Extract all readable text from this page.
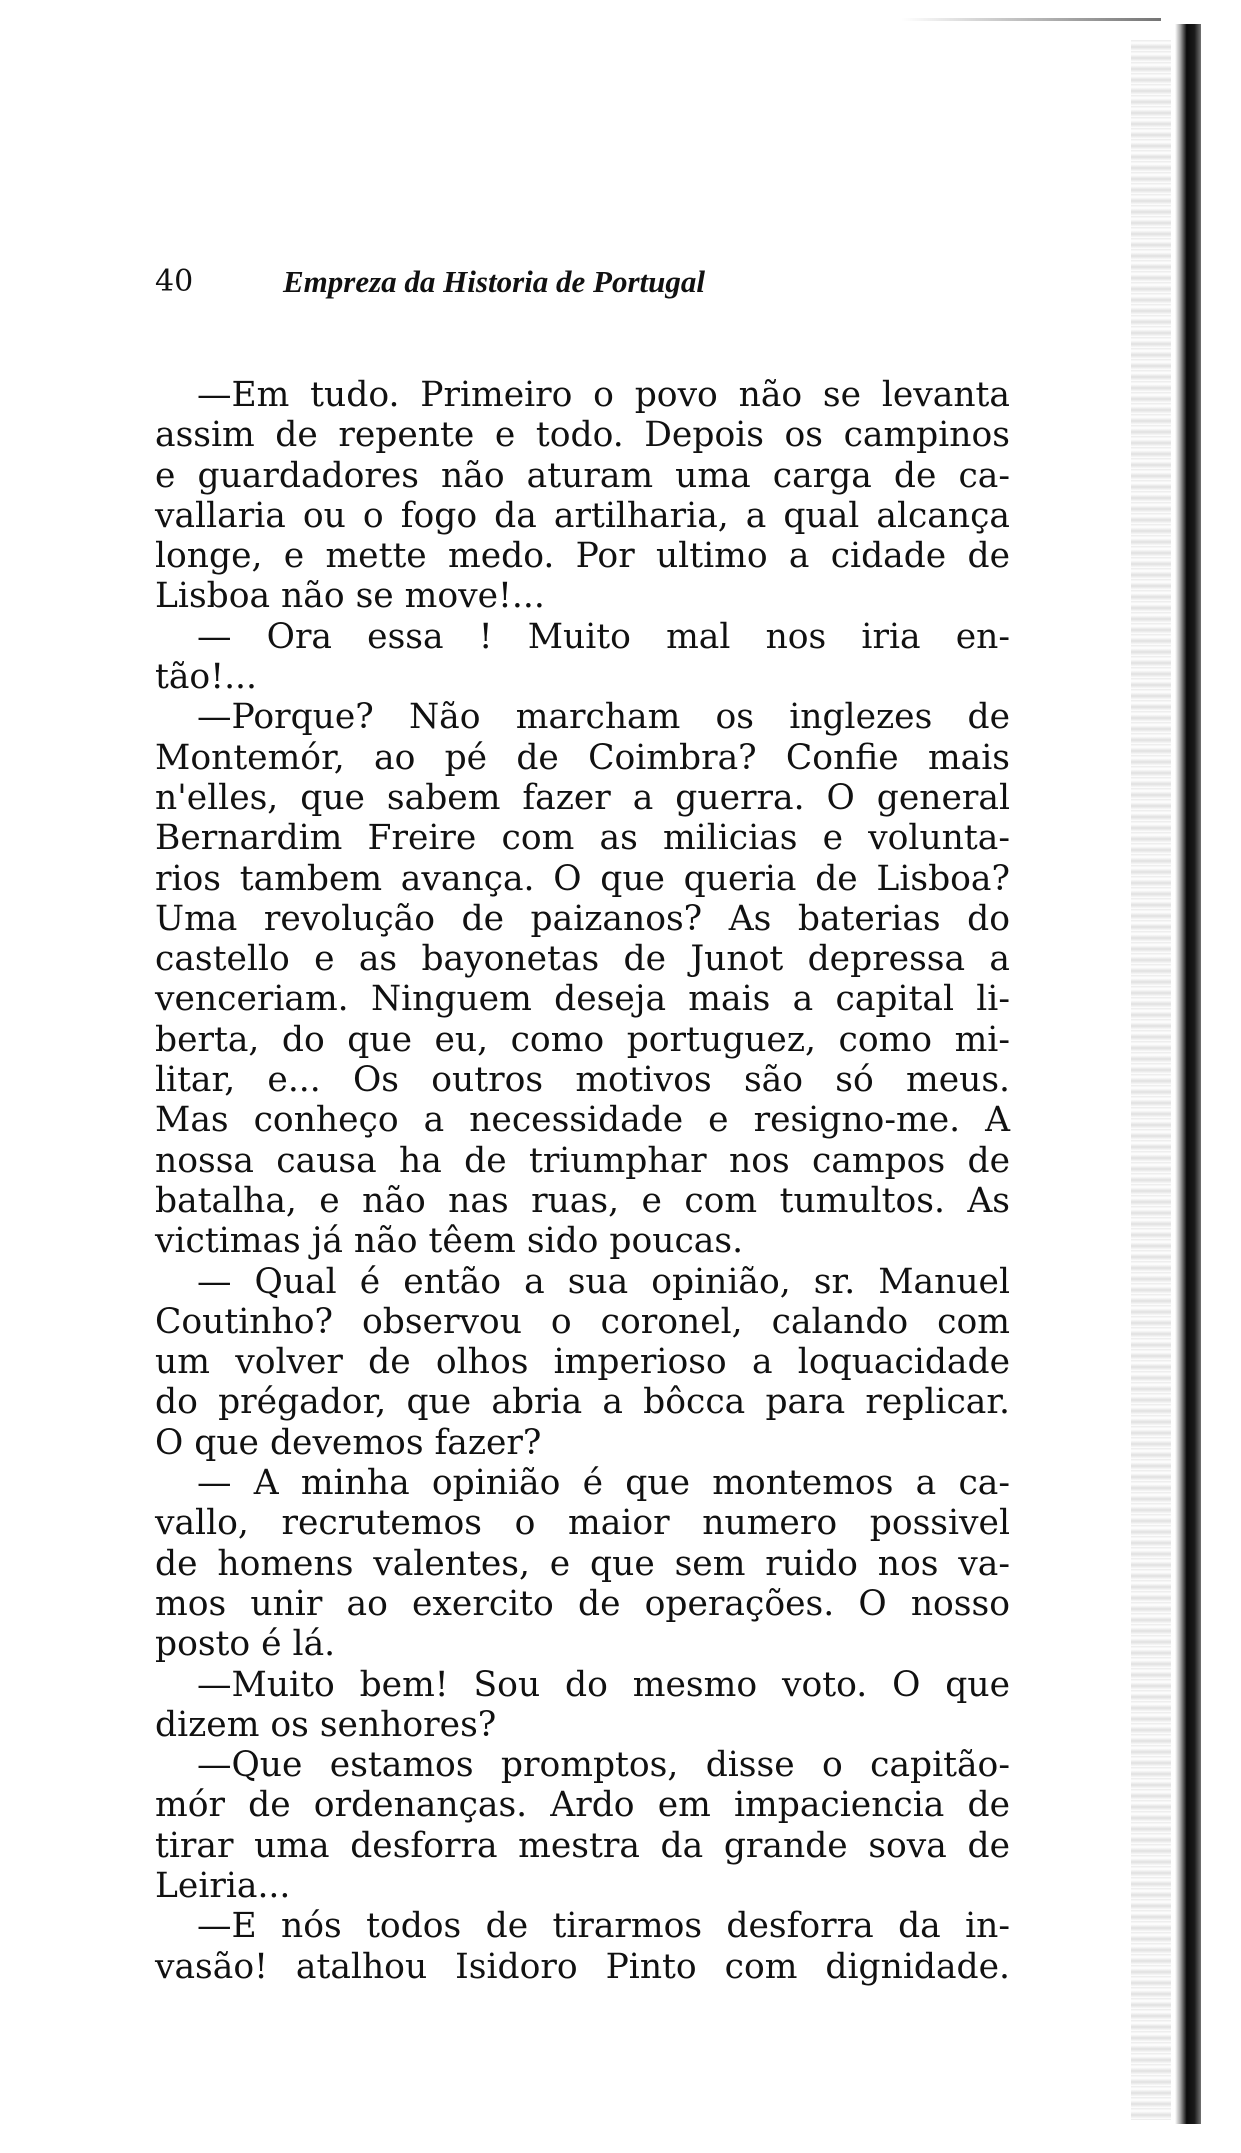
40	Empreza da Historia de Portugal
—Em tudo. Primeiro o povo não se levanta
assim de repente e todo. Depois os campinos
e guardadores não aturam uma carga de ca-
vallaria ou o fogo da artilharia, a qual alcança
longe, e mette medo. Por ultimo a cidade de
Lisboa não se move!...
— Ora essa ! Muito mal nos iria en-
tão!...
—Porque? Não marcham os inglezes de
Montemór, ao pé de Coimbra? Confie mais
n'elles, que sabem fazer a guerra. O general
Bernardim Freire com as milicias e volunta-
rios tambem avança. O que queria de Lisboa?
Uma revolução de paizanos? As baterias do
castello e as bayonetas de Junot depressa a
venceriam. Ninguem deseja mais a capital li-
berta, do que eu, como portuguez, como mi-
litar, e... Os outros motivos são só meus.
Mas conheço a necessidade e resigno-me. A
nossa causa ha de triumphar nos campos de
batalha, e não nas ruas, e com tumultos. As
victimas já não têem sido poucas.
— Qual é então a sua opinião, sr. Manuel
Coutinho? observou o coronel, calando com
um volver de olhos imperioso a loquacidade
do prégador, que abria a bôcca para replicar.
O que devemos fazer?
— A minha opinião é que montemos a ca-
vallo, recrutemos o maior numero possivel
de homens valentes, e que sem ruido nos va-
mos unir ao exercito de operações. O nosso
posto é lá.
—Muito bem! Sou do mesmo voto. O que
dizem os senhores?
—Que estamos promptos, disse o capitão-
mór de ordenanças. Ardo em impaciencia de
tirar uma desforra mestra da grande sova de
Leiria...
—E nós todos de tirarmos desforra da in-
vasão! atalhou Isidoro Pinto com dignidade.
